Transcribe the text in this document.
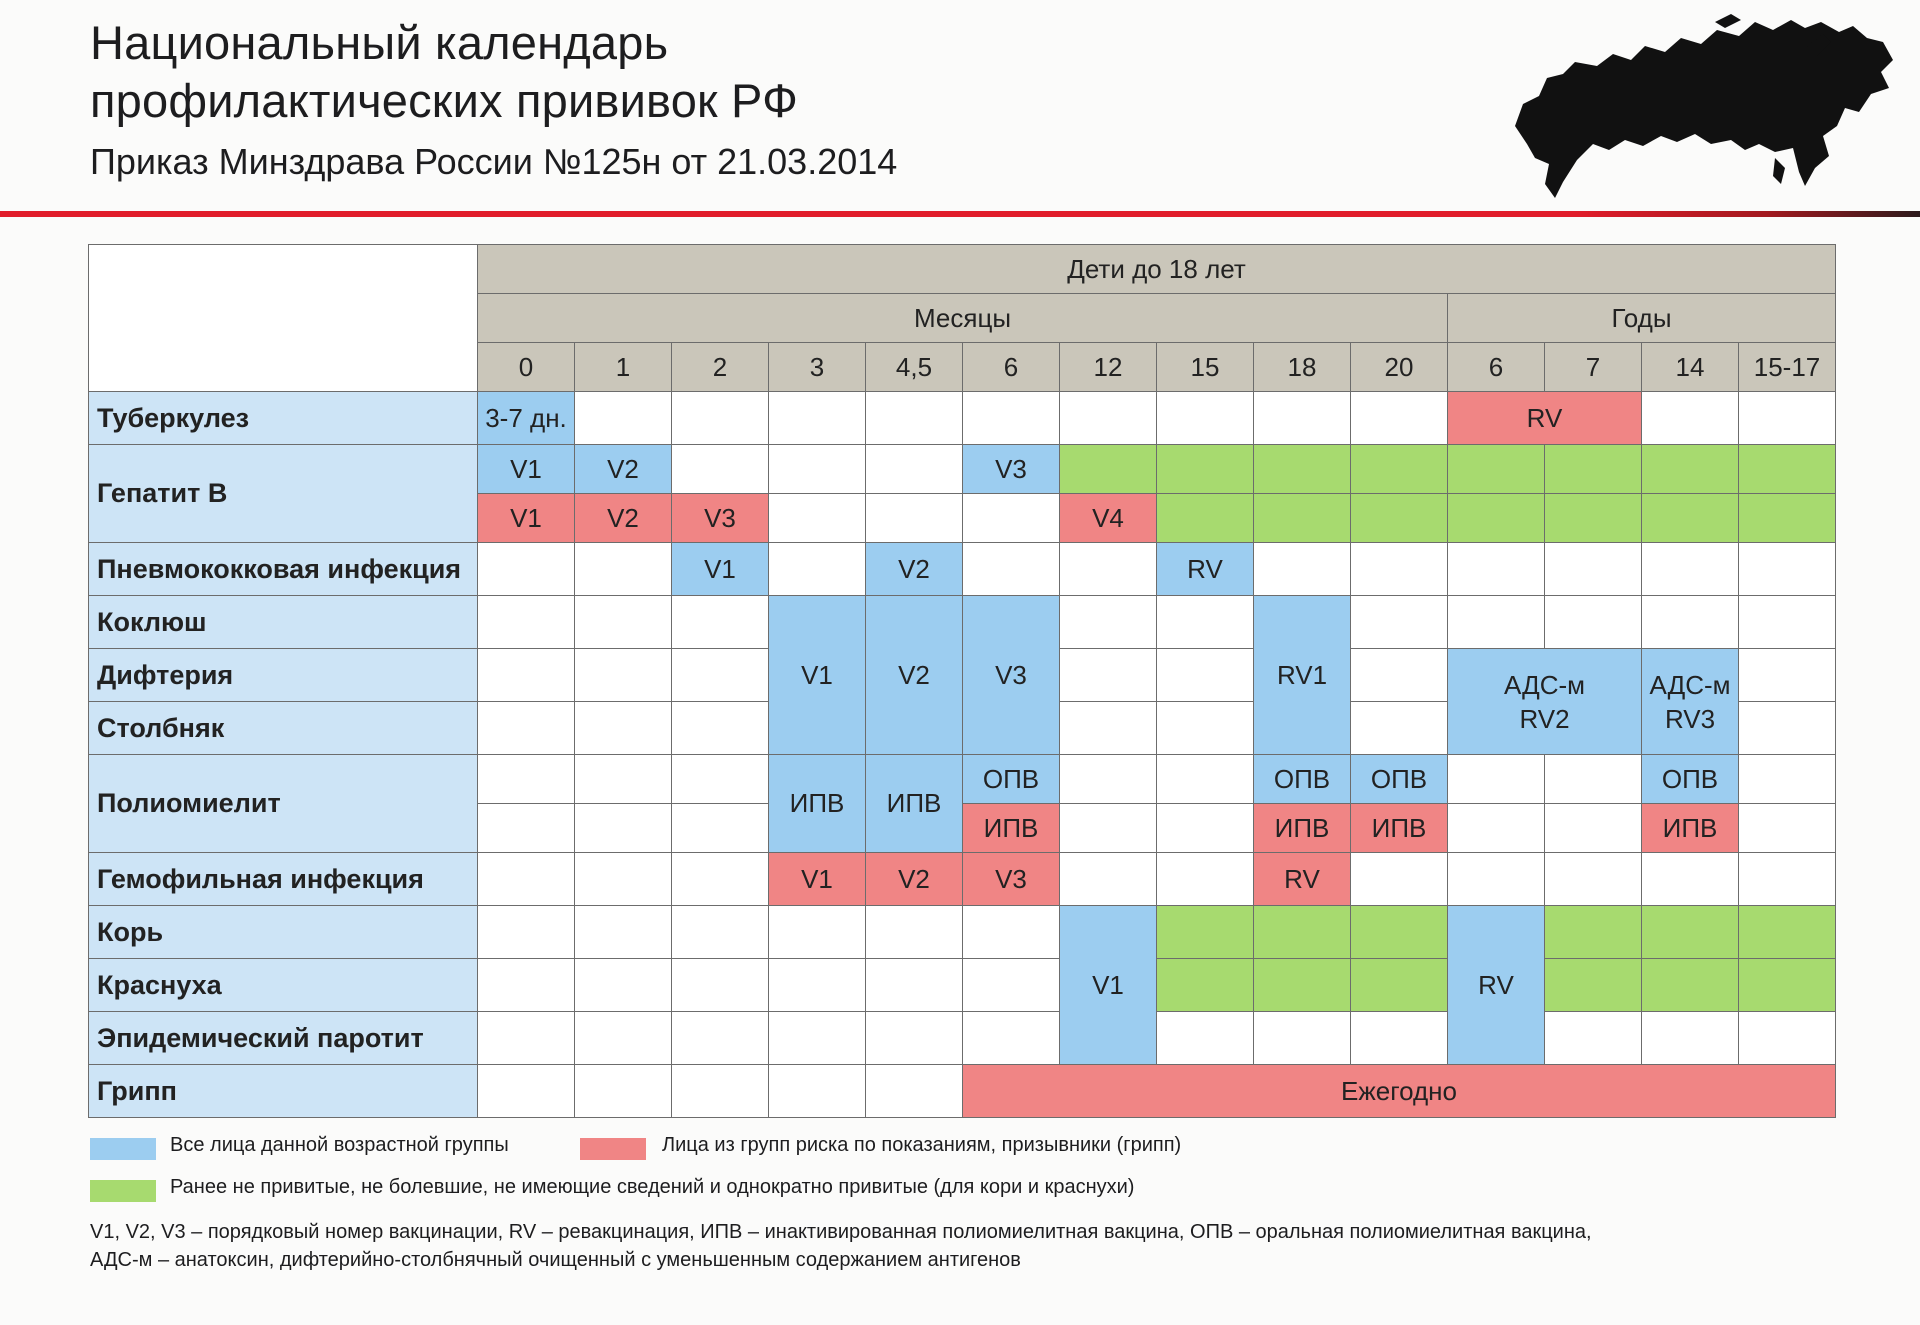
Национальный календарь
профилактических прививок РФ
Приказ Минздрава России №125н от 21.03.2014
	Дети до 18 лет													
	Месяцы										Годы			
	0	1	2	3	4,5	6	12	15	18	20	6	7	14	15-17
Туберкулез	3-7 дн.										RV			
Гепатит В	V1	V2				V3								
	V1	V2	V3				V4							
Пневмококковая инфекция			V1		V2			RV						
Коклюш				V1	V2	V3			RV1					
Дифтерия											АДС-м RV2		АДС-м RV3	
Столбняк														
Полиомиелит				ИПВ	ИПВ	ОПВ			ОПВ	ОПВ			ОПВ	
						ИПВ			ИПВ	ИПВ			ИПВ	
Гемофильная инфекция				V1	V2	V3			RV					
Корь							V1				RV			
Краснуха														
Эпидемический паротит														
Грипп						Ежегодно								
Все лица данной возрастной группы	Лица из групп риска по показаниям, призывники (грипп)
Ранее не привитые, не болевшие, не имеющие сведений и однократно привитые (для кори и краснухи)
V1, V2, V3 – порядковый номер вакцинации, RV – ревакцинация, ИПВ – инактивированная полиомиелитная вакцина, ОПВ – оральная полиомиелитная вакцина,
АДС-м – анатоксин, дифтерийно-столбнячный очищенный с уменьшенным содержанием антигенов
